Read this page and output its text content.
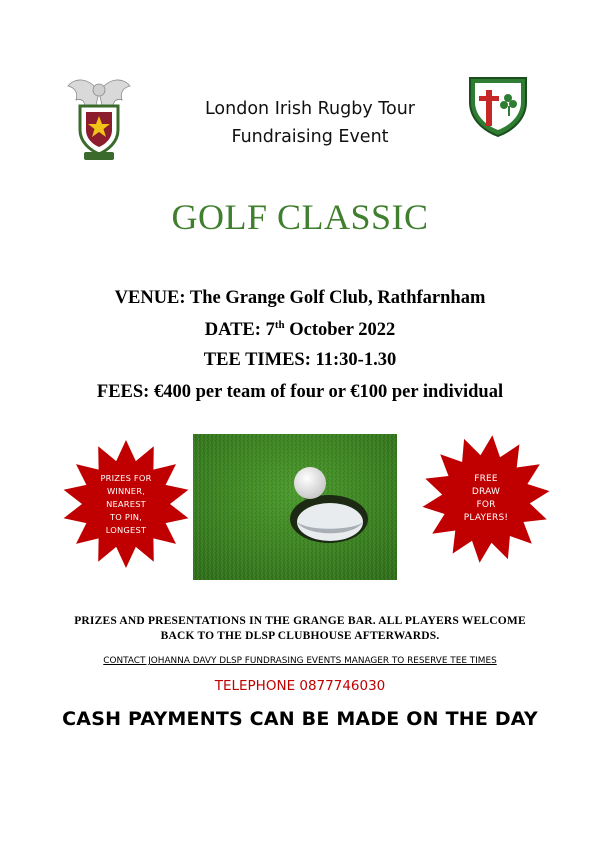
London Irish Rugby Tour
Fundraising Event
GOLF CLASSIC
VENUE: The Grange Golf Club, Rathfarnham
DATE: 7th October 2022
TEE TIMES: 11:30-1.30
FEES: €400 per team of four or €100 per individual
PRIZES FOR
WINNER,
NEAREST
TO PIN,
LONGEST
FREE
DRAW
FOR
PLAYERS!
PRIZES AND PRESENTATIONS IN THE GRANGE BAR. ALL PLAYERS WELCOME
BACK TO THE DLSP CLUBHOUSE AFTERWARDS.
CONTACT JOHANNA DAVY DLSP FUNDRASING EVENTS MANAGER TO RESERVE TEE TIMES
TELEPHONE 0877746030
CASH PAYMENTS CAN BE MADE ON THE DAY
